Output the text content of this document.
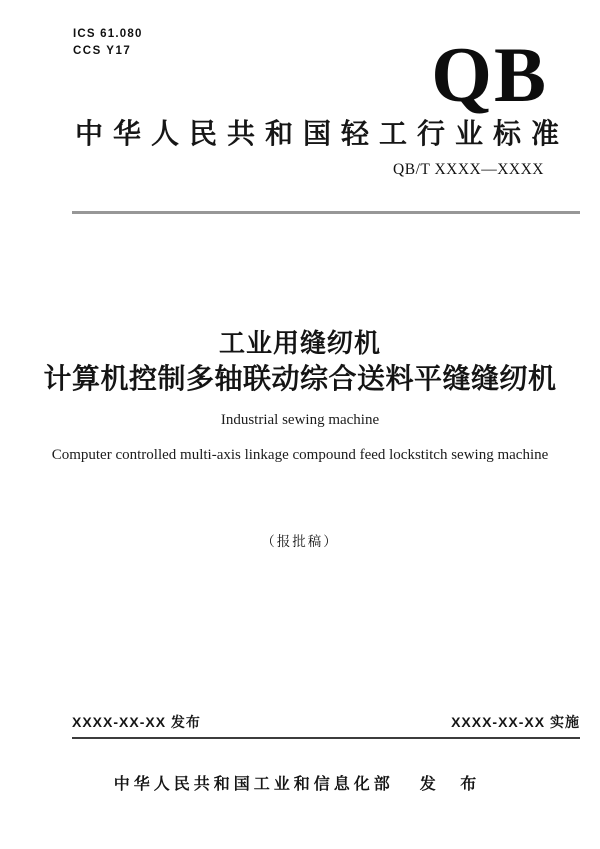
ICS 61.080
CCS Y17	QB
中华人民共和国轻工行业标准
QB/T XXXX—XXXX
工业用缝纫机
计算机控制多轴联动综合送料平缝缝纫机
Industrial sewing machine
Computer controlled multi-axis linkage compound feed lockstitch sewing machine
（报批稿）
XXXX-XX-XX 发布	XXXX-XX-XX 实施
中华人民共和国工业和信息化部 发 布
